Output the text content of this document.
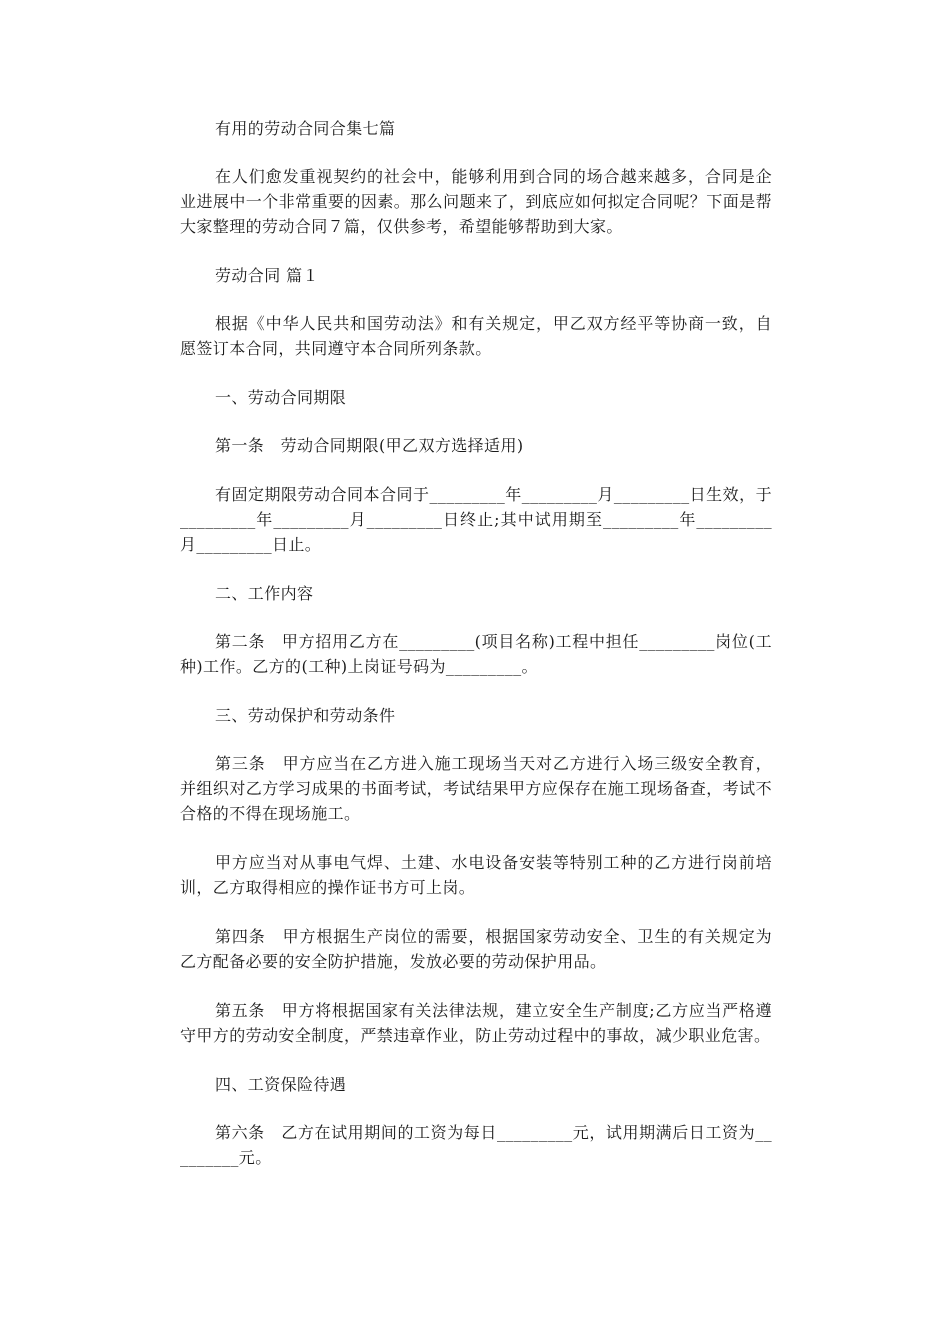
有用的劳动合同合集七篇

在人们愈发重视契约的社会中，能够利用到合同的场合越来越多，合同是企业进展中一个非常重要的因素。那么问题来了，到底应如何拟定合同呢？下面是帮大家整理的劳动合同７篇，仅供参考，希望能够帮助到大家。

劳动合同 篇１

根据《中华人民共和国劳动法》和有关规定，甲乙双方经平等协商一致，自愿签订本合同，共同遵守本合同所列条款。

一、劳动合同期限

第一条　劳动合同期限(甲乙双方选择适用)

有固定期限劳动合同本合同于_________年_________月_________日生效，于_________年_________月_________日终止;其中试用期至_________年_________月_________日止。

二、工作内容

第二条　甲方招用乙方在_________(项目名称)工程中担任_________岗位(工种)工作。乙方的(工种)上岗证号码为_________。

三、劳动保护和劳动条件

第三条　甲方应当在乙方进入施工现场当天对乙方进行入场三级安全教育，并组织对乙方学习成果的书面考试，考试结果甲方应保存在施工现场备查，考试不合格的不得在现场施工。

甲方应当对从事电气焊、土建、水电设备安装等特别工种的乙方进行岗前培训，乙方取得相应的操作证书方可上岗。

第四条　甲方根据生产岗位的需要，根据国家劳动安全、卫生的有关规定为乙方配备必要的安全防护措施，发放必要的劳动保护用品。

第五条　甲方将根据国家有关法律法规，建立安全生产制度;乙方应当严格遵守甲方的劳动安全制度，严禁违章作业，防止劳动过程中的事故，减少职业危害。

四、工资保险待遇

第六条　乙方在试用期间的工资为每日_________元，试用期满后日工资为_________元。
